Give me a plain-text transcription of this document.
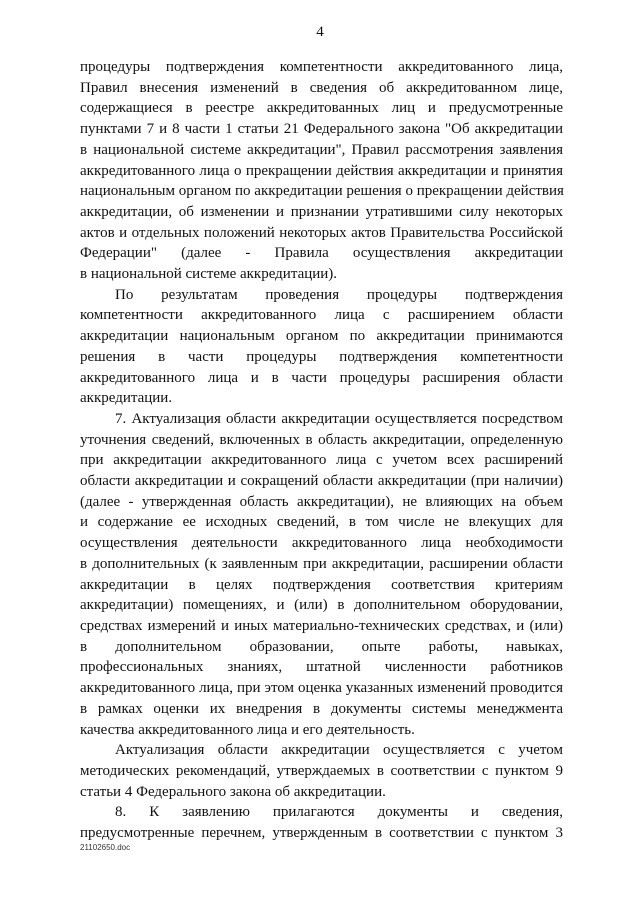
4
процедуры подтверждения компетентности аккредитованного лица,
Правил внесения изменений в сведения об аккредитованном лице,
содержащиеся в реестре аккредитованных лиц и предусмотренные
пунктами 7 и 8 части 1 статьи 21 Федерального закона "Об аккредитации
в национальной системе аккредитации", Правил рассмотрения заявления
аккредитованного лица о прекращении действия аккредитации и принятия
национальным органом по аккредитации решения о прекращении действия
аккредитации, об изменении и признании утратившими силу некоторых
актов и отдельных положений некоторых актов Правительства Российской
Федерации" (далее - Правила осуществления аккредитации
в национальной системе аккредитации).
По результатам проведения процедуры подтверждения
компетентности аккредитованного лица с расширением области
аккредитации национальным органом по аккредитации принимаются
решения в части процедуры подтверждения компетентности
аккредитованного лица и в части процедуры расширения области
аккредитации.
7. Актуализация области аккредитации осуществляется посредством
уточнения сведений, включенных в область аккредитации, определенную
при аккредитации аккредитованного лица с учетом всех расширений
области аккредитации и сокращений области аккредитации (при наличии)
(далее - утвержденная область аккредитации), не влияющих на объем
и содержание ее исходных сведений, в том числе не влекущих для
осуществления деятельности аккредитованного лица необходимости
в дополнительных (к заявленным при аккредитации, расширении области
аккредитации в целях подтверждения соответствия критериям
аккредитации) помещениях, и (или) в дополнительном оборудовании,
средствах измерений и иных материально-технических средствах, и (или)
в дополнительном образовании, опыте работы, навыках,
профессиональных знаниях, штатной численности работников
аккредитованного лица, при этом оценка указанных изменений проводится
в рамках оценки их внедрения в документы системы менеджмента
качества аккредитованного лица и его деятельность.
Актуализация области аккредитации осуществляется с учетом
методических рекомендаций, утверждаемых в соответствии с пунктом 9
статьи 4 Федерального закона об аккредитации.
8. К заявлению прилагаются документы и сведения,
предусмотренные перечнем, утвержденным в соответствии с пунктом 3
21102650.doc
